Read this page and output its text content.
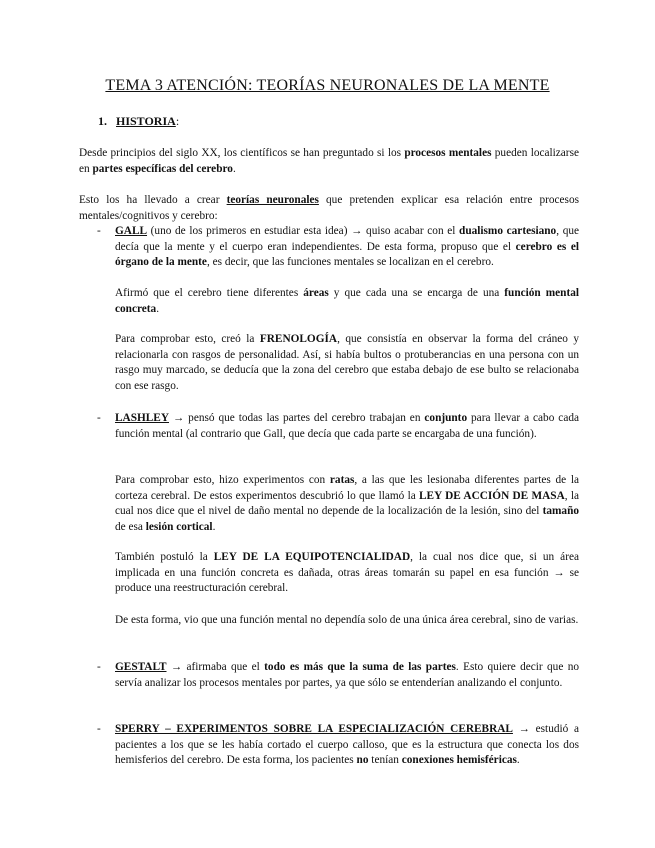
TEMA 3 ATENCIÓN: TEORÍAS NEURONALES DE LA MENTE
1. HISTORIA:
Desde principios del siglo XX, los científicos se han preguntado si los procesos mentales pueden localizarse en partes específicas del cerebro.
Esto los ha llevado a crear teorías neuronales que pretenden explicar esa relación entre procesos mentales/cognitivos y cerebro:
- GALL (uno de los primeros en estudiar esta idea) → quiso acabar con el dualismo cartesiano, que decía que la mente y el cuerpo eran independientes. De esta forma, propuso que el cerebro es el órgano de la mente, es decir, que las funciones mentales se localizan en el cerebro.
Afirmó que el cerebro tiene diferentes áreas y que cada una se encarga de una función mental concreta.
Para comprobar esto, creó la FRENOLOGÍA, que consistía en observar la forma del cráneo y relacionarla con rasgos de personalidad. Así, si había bultos o protuberancias en una persona con un rasgo muy marcado, se deducía que la zona del cerebro que estaba debajo de ese bulto se relacionaba con ese rasgo.
- LASHLEY → pensó que todas las partes del cerebro trabajan en conjunto para llevar a cabo cada función mental (al contrario que Gall, que decía que cada parte se encargaba de una función).
Para comprobar esto, hizo experimentos con ratas, a las que les lesionaba diferentes partes de la corteza cerebral. De estos experimentos descubrió lo que llamó la LEY DE ACCIÓN DE MASA, la cual nos dice que el nivel de daño mental no depende de la localización de la lesión, sino del tamaño de esa lesión cortical.
También postuló la LEY DE LA EQUIPOTENCIALIDAD, la cual nos dice que, si un área implicada en una función concreta es dañada, otras áreas tomarán su papel en esa función → se produce una reestructuración cerebral.
De esta forma, vio que una función mental no dependía solo de una única área cerebral, sino de varias.
- GESTALT → afirmaba que el todo es más que la suma de las partes. Esto quiere decir que no servía analizar los procesos mentales por partes, ya que sólo se entenderían analizando el conjunto.
- SPERRY – EXPERIMENTOS SOBRE LA ESPECIALIZACIÓN CEREBRAL → estudió a pacientes a los que se les había cortado el cuerpo calloso, que es la estructura que conecta los dos hemisferios del cerebro. De esta forma, los pacientes no tenían conexiones hemisféricas.
